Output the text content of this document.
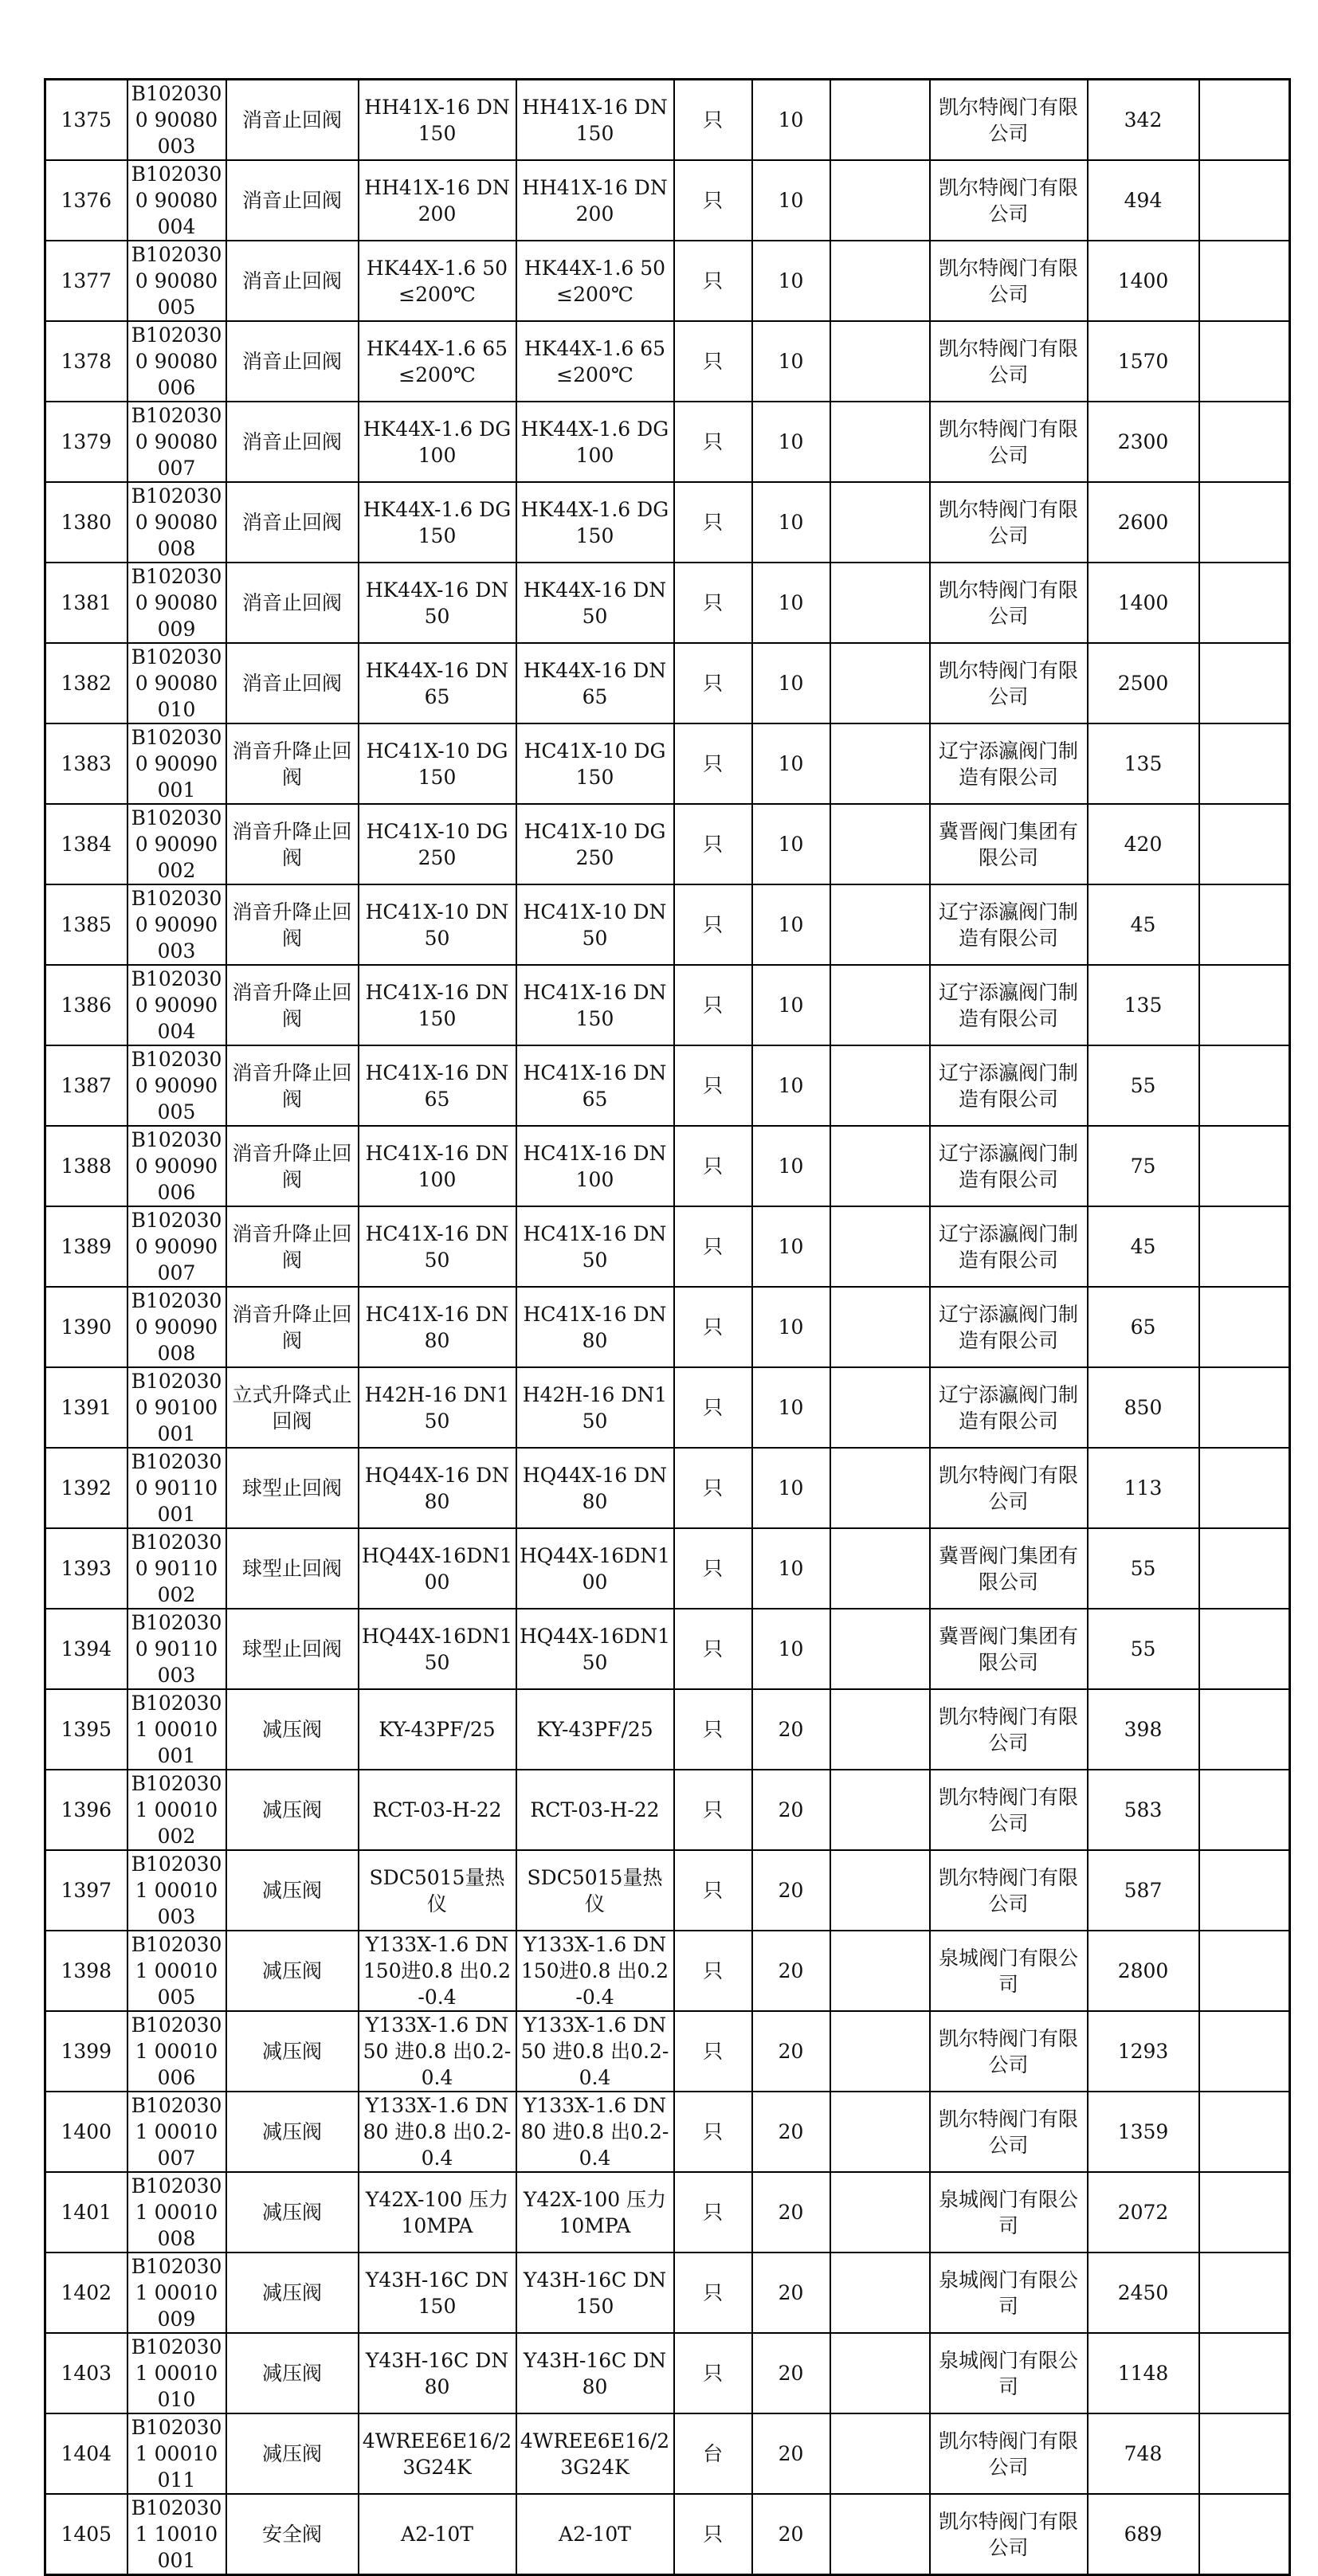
1375	B1020300 90080003	消音止回阀	HH41X-16 DN150	HH41X-16 DN150	只	10		凯尔特阀门有限公司	342	
1376	B1020300 90080004	消音止回阀	HH41X-16 DN200	HH41X-16 DN200	只	10		凯尔特阀门有限公司	494	
1377	B1020300 90080005	消音止回阀	HK44X-1.6 50 ≤200℃	HK44X-1.6 50 ≤200℃	只	10		凯尔特阀门有限公司	1400	
1378	B1020300 90080006	消音止回阀	HK44X-1.6 65 ≤200℃	HK44X-1.6 65 ≤200℃	只	10		凯尔特阀门有限公司	1570	
1379	B1020300 90080007	消音止回阀	HK44X-1.6 DG100	HK44X-1.6 DG100	只	10		凯尔特阀门有限公司	2300	
1380	B1020300 90080008	消音止回阀	HK44X-1.6 DG150	HK44X-1.6 DG150	只	10		凯尔特阀门有限公司	2600	
1381	B1020300 90080009	消音止回阀	HK44X-16 DN50	HK44X-16 DN50	只	10		凯尔特阀门有限公司	1400	
1382	B1020300 90080010	消音止回阀	HK44X-16 DN65	HK44X-16 DN65	只	10		凯尔特阀门有限公司	2500	
1383	B1020300 90090001	消音升降止回阀	HC41X-10 DG150	HC41X-10 DG150	只	10		辽宁添瀛阀门制造有限公司	135	
1384	B1020300 90090002	消音升降止回阀	HC41X-10 DG250	HC41X-10 DG250	只	10		冀晋阀门集团有限公司	420	
1385	B1020300 90090003	消音升降止回阀	HC41X-10 DN50	HC41X-10 DN50	只	10		辽宁添瀛阀门制造有限公司	45	
1386	B1020300 90090004	消音升降止回阀	HC41X-16 DN150	HC41X-16 DN150	只	10		辽宁添瀛阀门制造有限公司	135	
1387	B1020300 90090005	消音升降止回阀	HC41X-16 DN65	HC41X-16 DN65	只	10		辽宁添瀛阀门制造有限公司	55	
1388	B1020300 90090006	消音升降止回阀	HC41X-16 DN100	HC41X-16 DN100	只	10		辽宁添瀛阀门制造有限公司	75	
1389	B1020300 90090007	消音升降止回阀	HC41X-16 DN50	HC41X-16 DN50	只	10		辽宁添瀛阀门制造有限公司	45	
1390	B1020300 90090008	消音升降止回阀	HC41X-16 DN80	HC41X-16 DN80	只	10		辽宁添瀛阀门制造有限公司	65	
1391	B1020300 90100001	立式升降式止回阀	H42H-16 DN150	H42H-16 DN150	只	10		辽宁添瀛阀门制造有限公司	850	
1392	B1020300 90110001	球型止回阀	HQ44X-16 DN80	HQ44X-16 DN80	只	10		凯尔特阀门有限公司	113	
1393	B1020300 90110002	球型止回阀	HQ44X-16DN100	HQ44X-16DN100	只	10		冀晋阀门集团有限公司	55	
1394	B1020300 90110003	球型止回阀	HQ44X-16DN150	HQ44X-16DN150	只	10		冀晋阀门集团有限公司	55	
1395	B1020301 00010001	减压阀	KY-43PF/25	KY-43PF/25	只	20		凯尔特阀门有限公司	398	
1396	B1020301 00010002	减压阀	RCT-03-H-22	RCT-03-H-22	只	20		凯尔特阀门有限公司	583	
1397	B1020301 00010003	减压阀	SDC5015量热仪	SDC5015量热仪	只	20		凯尔特阀门有限公司	587	
1398	B1020301 00010005	减压阀	Y133X-1.6 DN150进0.8 出0.2-0.4	Y133X-1.6 DN150进0.8 出0.2-0.4	只	20		泉城阀门有限公司	2800	
1399	B1020301 00010006	减压阀	Y133X-1.6 DN50 进0.8 出0.2-0.4	Y133X-1.6 DN50 进0.8 出0.2-0.4	只	20		凯尔特阀门有限公司	1293	
1400	B1020301 00010007	减压阀	Y133X-1.6 DN80 进0.8 出0.2-0.4	Y133X-1.6 DN80 进0.8 出0.2-0.4	只	20		凯尔特阀门有限公司	1359	
1401	B1020301 00010008	减压阀	Y42X-100 压力10MPA	Y42X-100 压力10MPA	只	20		泉城阀门有限公司	2072	
1402	B1020301 00010009	减压阀	Y43H-16C DN150	Y43H-16C DN150	只	20		泉城阀门有限公司	2450	
1403	B1020301 00010010	减压阀	Y43H-16C DN80	Y43H-16C DN80	只	20		泉城阀门有限公司	1148	
1404	B1020301 00010011	减压阀	4WREE6E16/23G24K	4WREE6E16/23G24K	台	20		凯尔特阀门有限公司	748	
1405	B1020301 10010001	安全阀	A2-10T	A2-10T	只	20		凯尔特阀门有限公司	689	
